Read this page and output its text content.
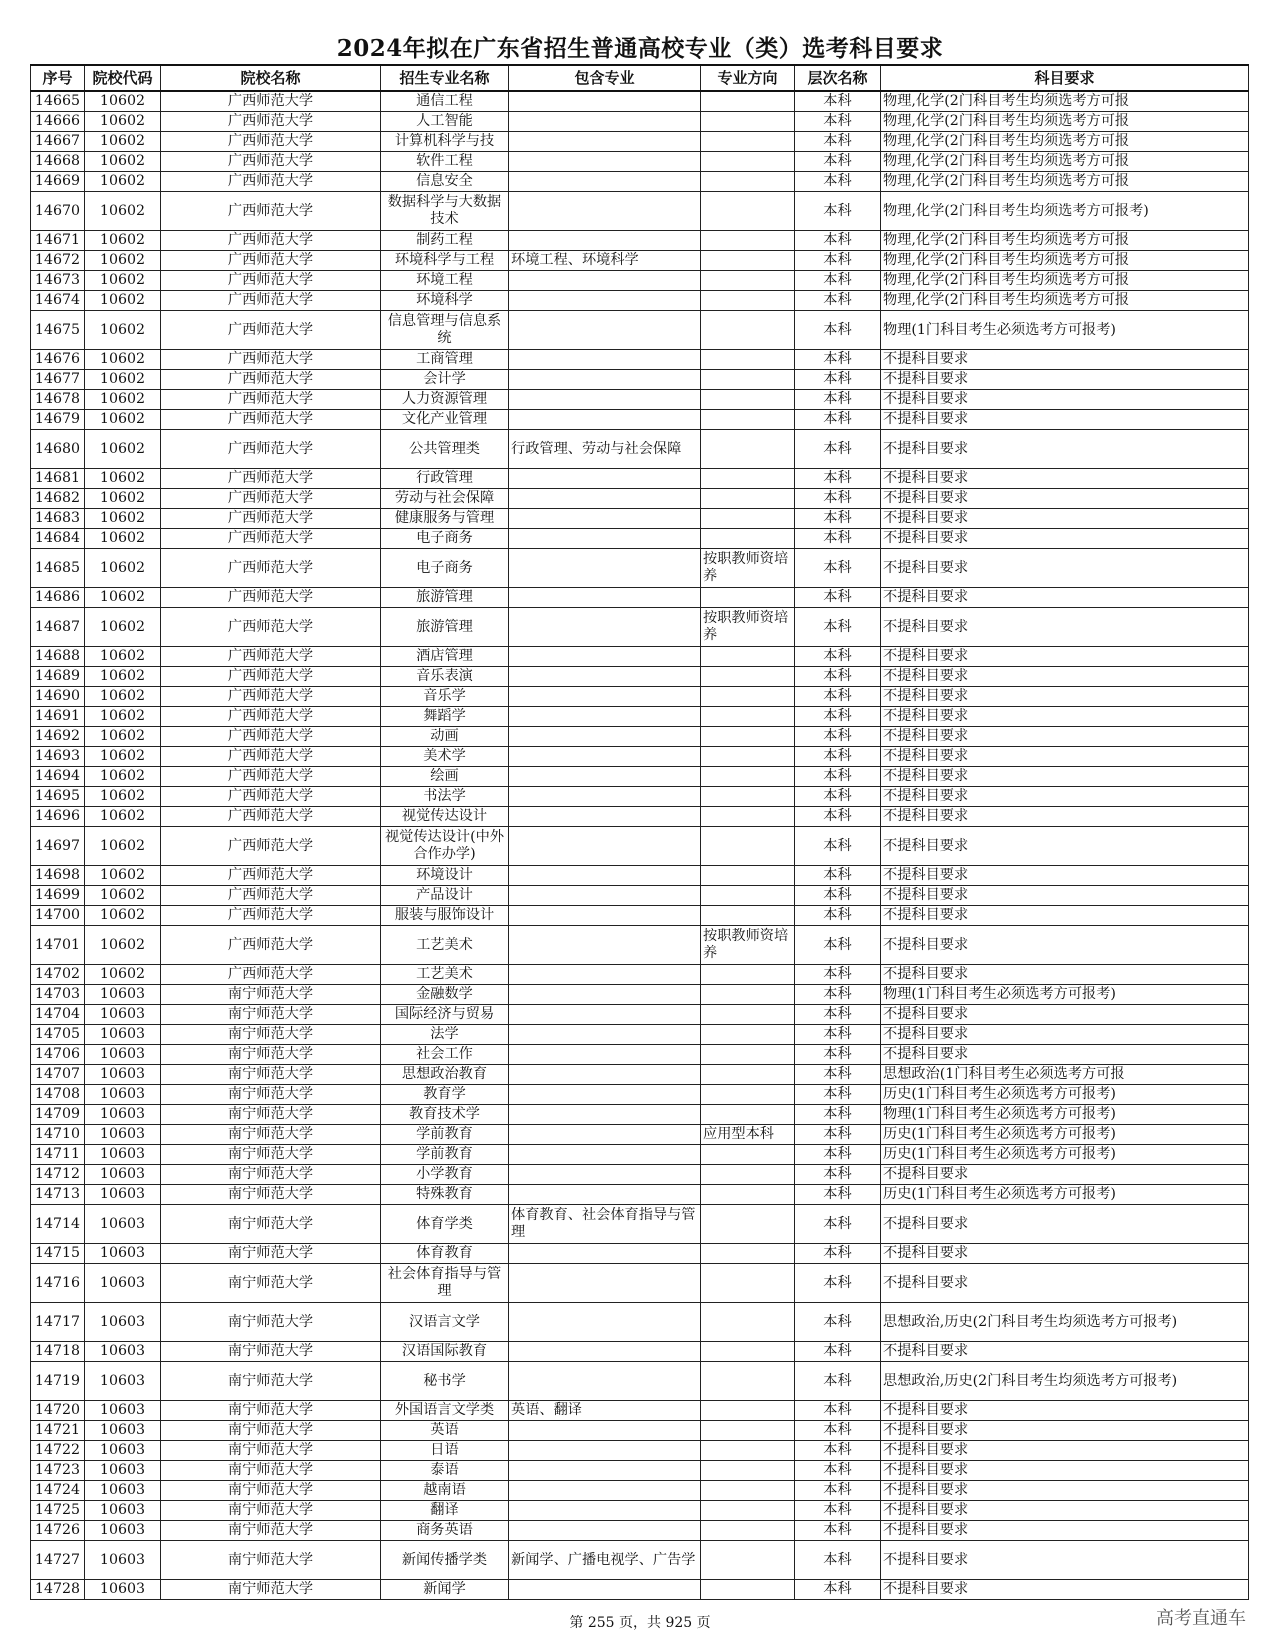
2024年拟在广东省招生普通高校专业（类）选考科目要求
序号	院校代码	院校名称	招生专业名称	包含专业	专业方向	层次名称	科目要求
14665	10602	广西师范大学	通信工程			本科	物理,化学(2门科目考生均须选考方可报
14666	10602	广西师范大学	人工智能			本科	物理,化学(2门科目考生均须选考方可报
14667	10602	广西师范大学	计算机科学与技			本科	物理,化学(2门科目考生均须选考方可报
14668	10602	广西师范大学	软件工程			本科	物理,化学(2门科目考生均须选考方可报
14669	10602	广西师范大学	信息安全			本科	物理,化学(2门科目考生均须选考方可报
14670	10602	广西师范大学	数据科学与大数据技术			本科	物理,化学(2门科目考生均须选考方可报考)
14671	10602	广西师范大学	制药工程			本科	物理,化学(2门科目考生均须选考方可报
14672	10602	广西师范大学	环境科学与工程	环境工程、环境科学		本科	物理,化学(2门科目考生均须选考方可报
14673	10602	广西师范大学	环境工程			本科	物理,化学(2门科目考生均须选考方可报
14674	10602	广西师范大学	环境科学			本科	物理,化学(2门科目考生均须选考方可报
14675	10602	广西师范大学	信息管理与信息系统			本科	物理(1门科目考生必须选考方可报考)
14676	10602	广西师范大学	工商管理			本科	不提科目要求
14677	10602	广西师范大学	会计学			本科	不提科目要求
14678	10602	广西师范大学	人力资源管理			本科	不提科目要求
14679	10602	广西师范大学	文化产业管理			本科	不提科目要求
14680	10602	广西师范大学	公共管理类	行政管理、劳动与社会保障		本科	不提科目要求
14681	10602	广西师范大学	行政管理			本科	不提科目要求
14682	10602	广西师范大学	劳动与社会保障			本科	不提科目要求
14683	10602	广西师范大学	健康服务与管理			本科	不提科目要求
14684	10602	广西师范大学	电子商务			本科	不提科目要求
14685	10602	广西师范大学	电子商务		按职教师资培养	本科	不提科目要求
14686	10602	广西师范大学	旅游管理			本科	不提科目要求
14687	10602	广西师范大学	旅游管理		按职教师资培养	本科	不提科目要求
14688	10602	广西师范大学	酒店管理			本科	不提科目要求
14689	10602	广西师范大学	音乐表演			本科	不提科目要求
14690	10602	广西师范大学	音乐学			本科	不提科目要求
14691	10602	广西师范大学	舞蹈学			本科	不提科目要求
14692	10602	广西师范大学	动画			本科	不提科目要求
14693	10602	广西师范大学	美术学			本科	不提科目要求
14694	10602	广西师范大学	绘画			本科	不提科目要求
14695	10602	广西师范大学	书法学			本科	不提科目要求
14696	10602	广西师范大学	视觉传达设计			本科	不提科目要求
14697	10602	广西师范大学	视觉传达设计(中外合作办学)			本科	不提科目要求
14698	10602	广西师范大学	环境设计			本科	不提科目要求
14699	10602	广西师范大学	产品设计			本科	不提科目要求
14700	10602	广西师范大学	服装与服饰设计			本科	不提科目要求
14701	10602	广西师范大学	工艺美术		按职教师资培养	本科	不提科目要求
14702	10602	广西师范大学	工艺美术			本科	不提科目要求
14703	10603	南宁师范大学	金融数学			本科	物理(1门科目考生必须选考方可报考)
14704	10603	南宁师范大学	国际经济与贸易			本科	不提科目要求
14705	10603	南宁师范大学	法学			本科	不提科目要求
14706	10603	南宁师范大学	社会工作			本科	不提科目要求
14707	10603	南宁师范大学	思想政治教育			本科	思想政治(1门科目考生必须选考方可报
14708	10603	南宁师范大学	教育学			本科	历史(1门科目考生必须选考方可报考)
14709	10603	南宁师范大学	教育技术学			本科	物理(1门科目考生必须选考方可报考)
14710	10603	南宁师范大学	学前教育		应用型本科	本科	历史(1门科目考生必须选考方可报考)
14711	10603	南宁师范大学	学前教育			本科	历史(1门科目考生必须选考方可报考)
14712	10603	南宁师范大学	小学教育			本科	不提科目要求
14713	10603	南宁师范大学	特殊教育			本科	历史(1门科目考生必须选考方可报考)
14714	10603	南宁师范大学	体育学类	体育教育、社会体育指导与管理		本科	不提科目要求
14715	10603	南宁师范大学	体育教育			本科	不提科目要求
14716	10603	南宁师范大学	社会体育指导与管理			本科	不提科目要求
14717	10603	南宁师范大学	汉语言文学			本科	思想政治,历史(2门科目考生均须选考方可报考)
14718	10603	南宁师范大学	汉语国际教育			本科	不提科目要求
14719	10603	南宁师范大学	秘书学			本科	思想政治,历史(2门科目考生均须选考方可报考)
14720	10603	南宁师范大学	外国语言文学类	英语、翻译		本科	不提科目要求
14721	10603	南宁师范大学	英语			本科	不提科目要求
14722	10603	南宁师范大学	日语			本科	不提科目要求
14723	10603	南宁师范大学	泰语			本科	不提科目要求
14724	10603	南宁师范大学	越南语			本科	不提科目要求
14725	10603	南宁师范大学	翻译			本科	不提科目要求
14726	10603	南宁师范大学	商务英语			本科	不提科目要求
14727	10603	南宁师范大学	新闻传播学类	新闻学、广播电视学、广告学		本科	不提科目要求
14728	10603	南宁师范大学	新闻学			本科	不提科目要求
第 255 页，共 925 页	高考直通车
